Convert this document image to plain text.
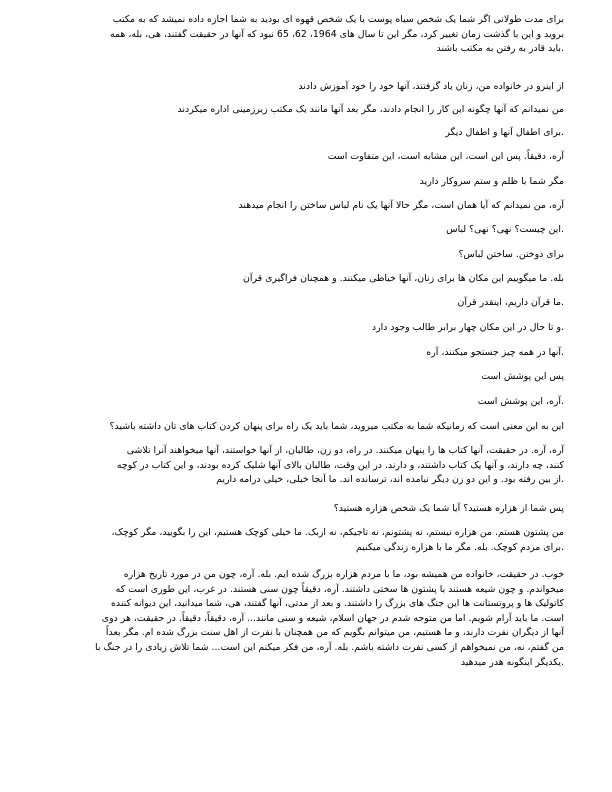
برای مدت طولانی اگر شما یک شخص سیاه پوست یا یک شخص قهوه ای بودید به شما اجازه داده نمیشد که به مکتب
بروید و این با گذشت زمان تغییر کرد، مگر این تا سال های 1964، 62، 65 نبود که آنها در حقیقت گفتند، هی، بله، همه
.باید قادر به رفتن به مکتب باشند
از اینرو در خانواده من، زنان یاد گرفتند، آنها خود را خود آموزش دادند
من نمیدانم که آنها چگونه این کار را انجام دادند، مگر بعد آنها مانند یک مکتب زیرزمینی اداره میکردند
.برای اطفال آنها و اطفال دیگر
آره، دقیقاً. پس این است، این مشابه است، این متفاوت است
مگر شما با ظلم و ستم سروکار دارید
آره، من نمیدانم که آیا همان است، مگر حالا آنها یک نام لباس ساختن را انجام میدهند
.این چیست؟ نهی؟ نهی؟ لباس
برای دوختن. ساختن لباس؟
بله. ما میگوییم این مکان ها برای زنان، آنها خیاطی میکنند. و همچنان فراگیری قرآن
.ما قرآن داریم، اینقدر قرآن
.و تا حال در این مکان چهار برابر طالب وجود دارد
.آنها در همه چیز جستجو میکنند، آره
پس این پوشش است
.آره، این پوشش است
این به این معنی است که زمانیکه شما به مکتب میروید، شما باید یک راه برای پنهان کردن کتاب های تان داشته باشید؟
آره، آره. در حقیقت، آنها کتاب ها را پنهان میکنند. در راه، دو زن، طالبان، از آنها خواستند، آنها میخواهند آنرا تلاشی
کنند، چه دارند، و آنها یک کتاب داشتند، و دارند. در این وقت، طالبان بالای آنها شلیک کرده بودند، و این کتاب در کوچه
.از بین رفته بود. و این دو زن دیگر نیامده اند، ترسانده اند. ما آنجا خیلی، خیلی درامه داریم
پس شما از هزاره هستید؟ آیا شما یک شخص هزاره هستید؟
من پشتون هستم. من هزاره نیستم، نه پشتونم، نه تاجیکم، نه ازبک. ما خیلی کوچک هستیم، این را بگویید، مگر کوچک،
.برای مردم کوچک. بله. مگر ما با هزاره زندگی میکنیم
خوب. در حقیقت، خانواده من همیشه بود، ما با مردم هزاره بزرگ شده ایم. بله. آره، چون من در مورد تاریخ هزاره
میخواندم. و چون شیعه هستند با پشتون ها سختی داشتند. آره، دقیقاً چون سنی هستند. در غرب، این طوری است که
کاتولیک ها و پروتستانت ها این جنگ های بزرگ را داشتند. و بعد از مدتی، آنها گفتند، هی، شما میدانید، این دیوانه کننده
است. ما باید آرام شویم. اما من متوجه شدم در جهان اسلام، شیعه و سنی مانند... آره، دقیقاً، دقیقاً. در حقیقت، هر دوی
آنها از دیگران نفرت دارند، و ما هستیم، من میتوانم بگویم که من همچنان با نفرت از اهل سنت بزرگ شده ام. مگر بعداً
من گفتم، نه، من نمیخواهم از کسی نفرت داشته باشم. بله. آره، من فکر میکنم این است... شما تلاش زیادی را در جنگ با
.یکدیگر اینگونه هدر میدهید
